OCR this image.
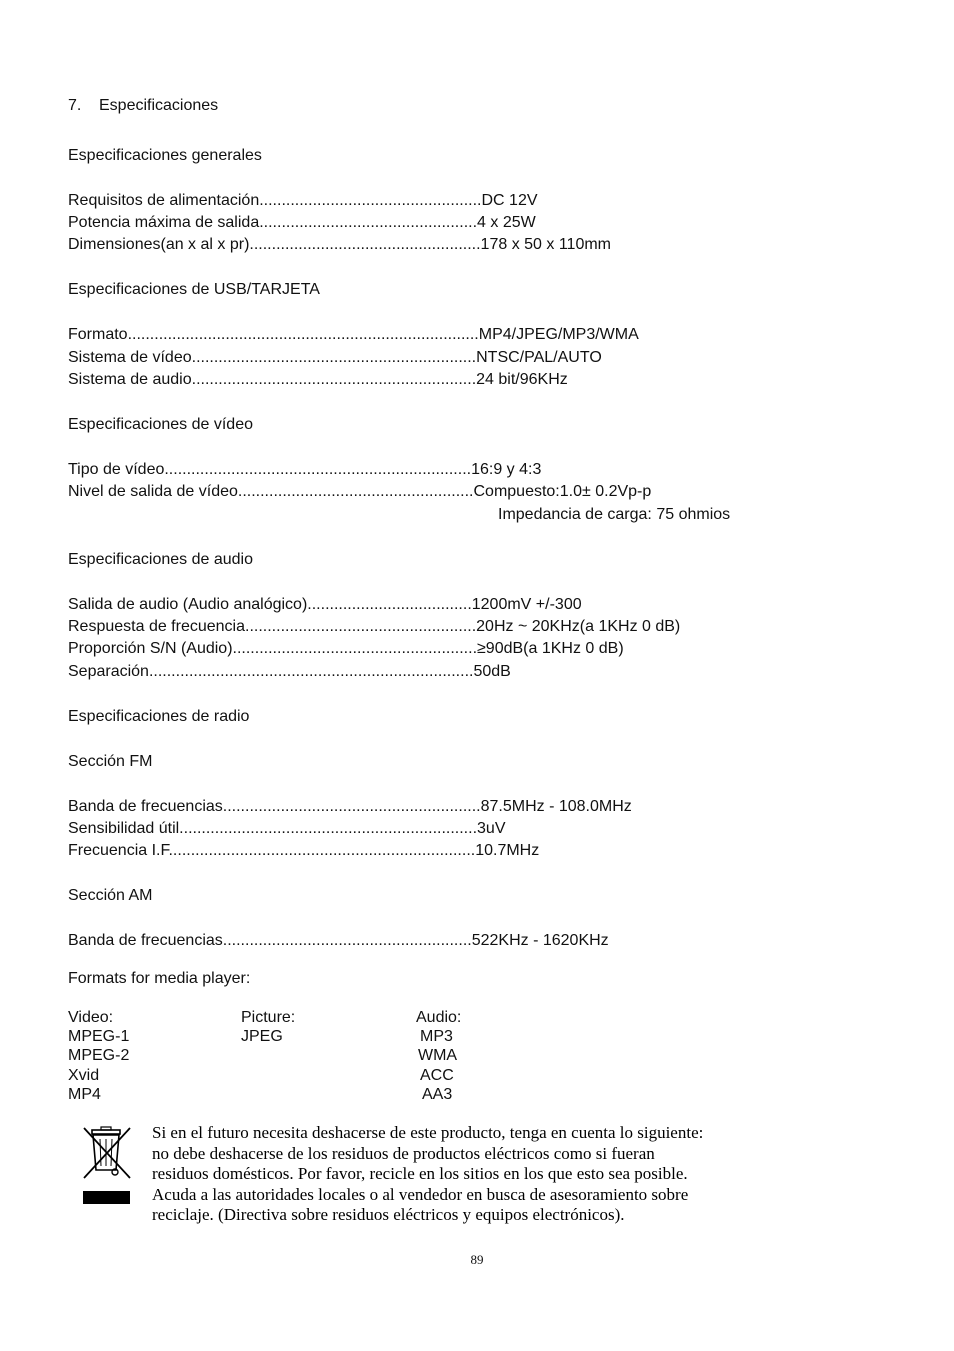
7. Especificaciones
Especificaciones generales
Requisitos de alimentación..................................................DC 12V
Potencia máxima de salida.................................................4 x 25W
Dimensiones(an x al x pr)....................................................178 x 50 x 110mm
Especificaciones de USB/TARJETA
Formato...............................................................................MP4/JPEG/MP3/WMA
Sistema de vídeo................................................................NTSC/PAL/AUTO
Sistema de audio................................................................24 bit/96KHz
Especificaciones de vídeo
Tipo de vídeo.....................................................................16:9 y 4:3
Nivel de salida de vídeo.....................................................Compuesto:1.0± 0.2Vp-p
Impedancia de carga: 75 ohmios
Especificaciones de audio
Salida de audio (Audio analógico).....................................1200mV +/-300
Respuesta de frecuencia....................................................20Hz ~ 20KHz(a 1KHz 0 dB)
Proporción S/N (Audio).......................................................≥90dB(a 1KHz 0 dB)
Separación.........................................................................50dB
Especificaciones de radio
Sección FM
Banda de frecuencias..........................................................87.5MHz - 108.0MHz
Sensibilidad útil...................................................................3uV
Frecuencia I.F.....................................................................10.7MHz
Sección AM
Banda de frecuencias........................................................522KHz - 1620KHz
Formats for media player:
Video:
MPEG-1
MPEG-2
Xvid
MP4
Picture:
JPEG
Audio:
MP3
WMA
ACC
AA3
Si en el futuro necesita deshacerse de este producto, tenga en cuenta lo siguiente:
no debe deshacerse de los residuos de productos eléctricos como si fueran
residuos domésticos. Por favor, recicle en los sitios en los que esto sea posible.
Acuda a las autoridades locales o al vendedor en busca de asesoramiento sobre
reciclaje. (Directiva sobre residuos eléctricos y equipos electrónicos).
89
